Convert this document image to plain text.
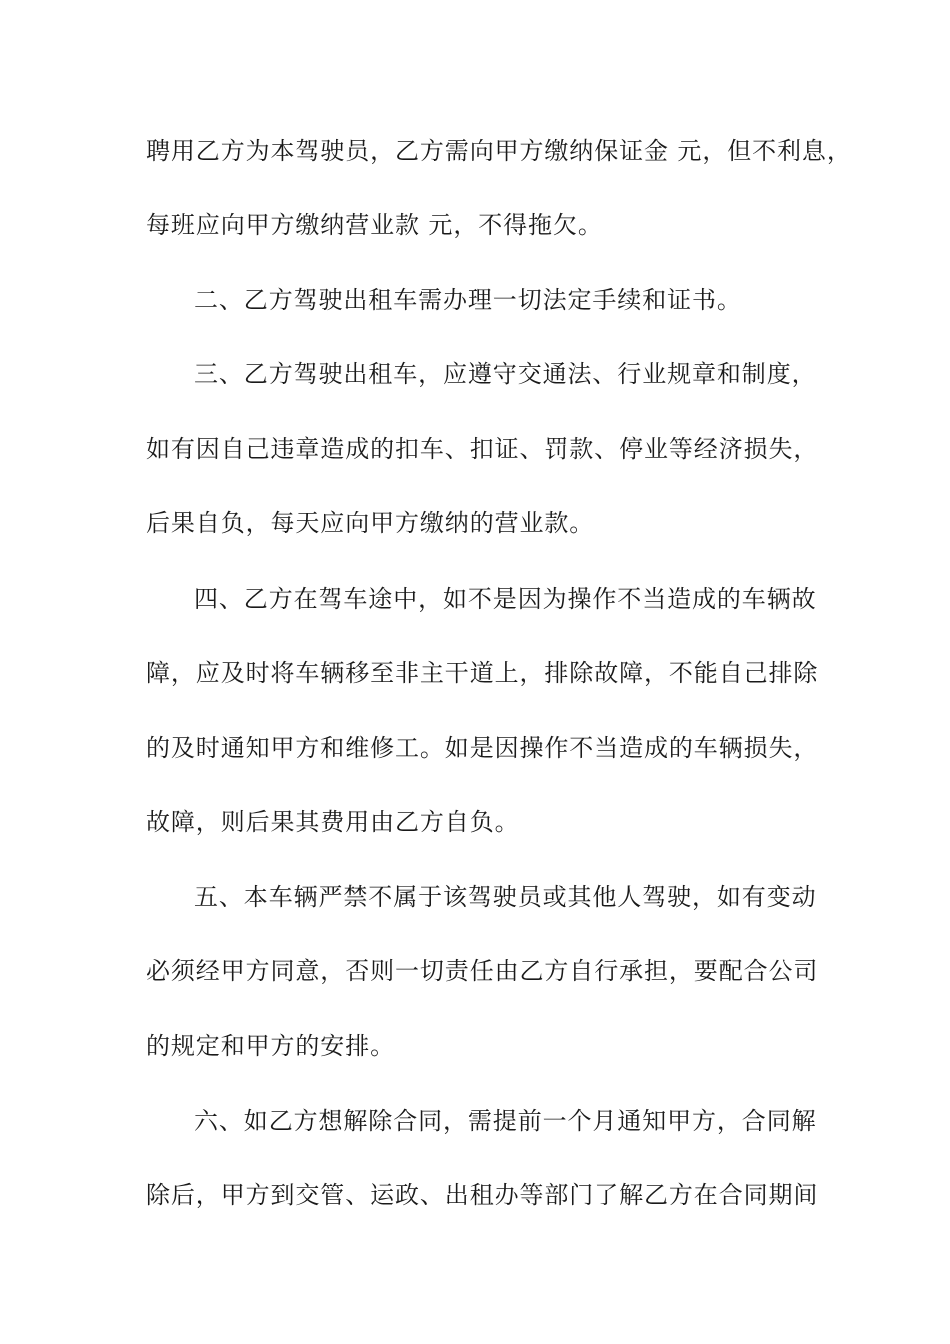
聘用乙方为本驾驶员，乙方需向甲方缴纳保证金 元，但不利息，
每班应向甲方缴纳营业款 元，不得拖欠。
二、乙方驾驶出租车需办理一切法定手续和证书。
三、乙方驾驶出租车，应遵守交通法、行业规章和制度，
如有因自己违章造成的扣车、扣证、罚款、停业等经济损失，
后果自负，每天应向甲方缴纳的营业款。
四、乙方在驾车途中，如不是因为操作不当造成的车辆故
障，应及时将车辆移至非主干道上，排除故障，不能自己排除
的及时通知甲方和维修工。如是因操作不当造成的车辆损失，
故障，则后果其费用由乙方自负。
五、本车辆严禁不属于该驾驶员或其他人驾驶，如有变动
必须经甲方同意，否则一切责任由乙方自行承担，要配合公司
的规定和甲方的安排。
六、如乙方想解除合同，需提前一个月通知甲方，合同解
除后，甲方到交管、运政、出租办等部门了解乙方在合同期间
